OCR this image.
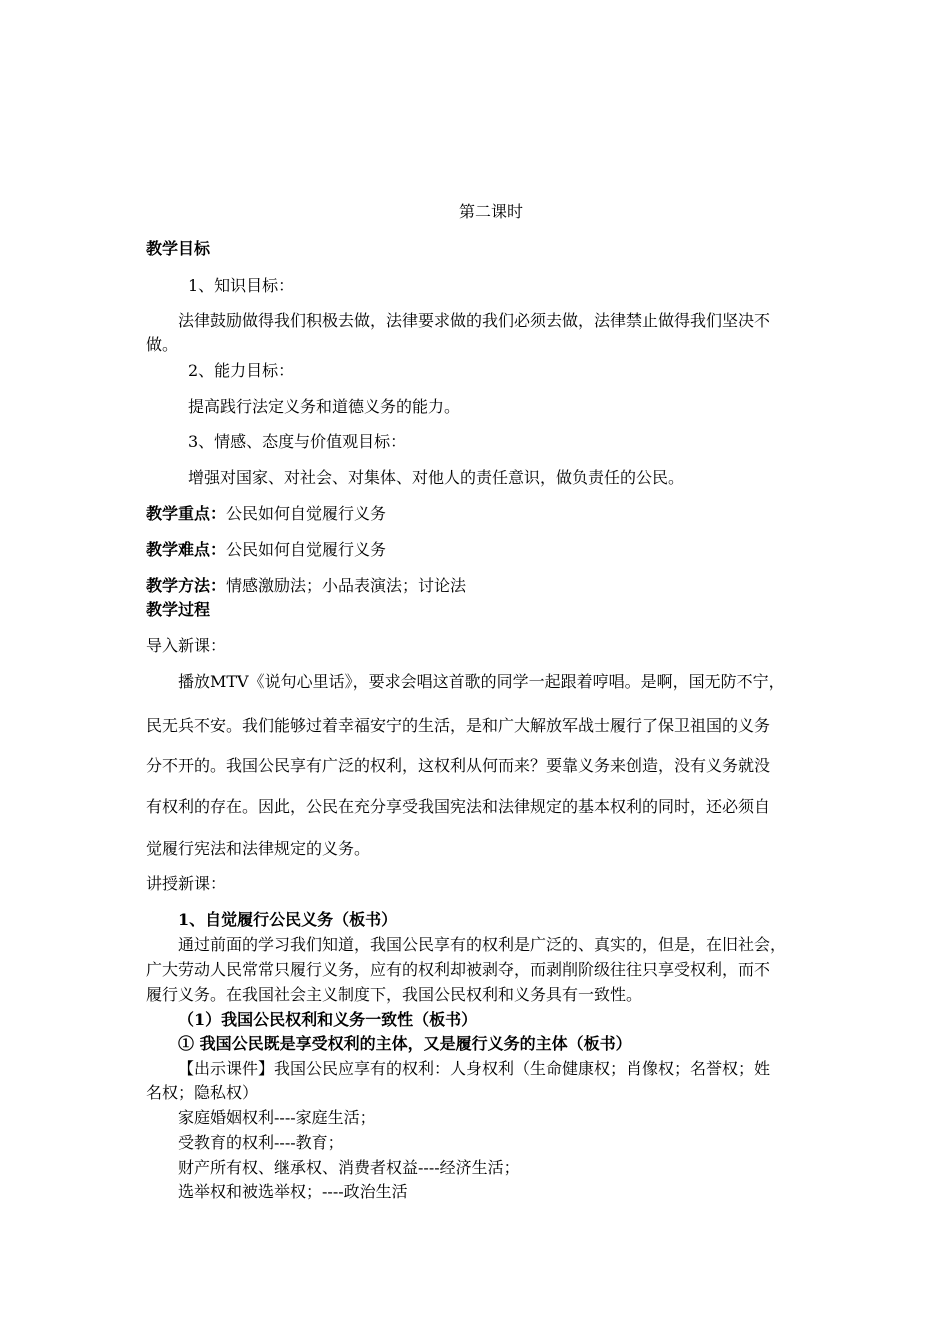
第二课时
教学目标
1、知识目标：
法律鼓励做得我们积极去做，法律要求做的我们必须去做，法律禁止做得我们坚决不
做。
2、能力目标：
提高践行法定义务和道德义务的能力。
3、情感、态度与价值观目标：
增强对国家、对社会、对集体、对他人的责任意识，做负责任的公民。
教学重点：公民如何自觉履行义务
教学难点：公民如何自觉履行义务
教学方法：情感激励法；小品表演法；讨论法
教学过程
导入新课：
播放MTV《说句心里话》，要求会唱这首歌的同学一起跟着哼唱。是啊，国无防不宁，
民无兵不安。我们能够过着幸福安宁的生活，是和广大解放军战士履行了保卫祖国的义务
分不开的。我国公民享有广泛的权利，这权利从何而来？要靠义务来创造，没有义务就没
有权利的存在。因此，公民在充分享受我国宪法和法律规定的基本权利的同时，还必须自
觉履行宪法和法律规定的义务。
讲授新课：
1、自觉履行公民义务（板书）
通过前面的学习我们知道，我国公民享有的权利是广泛的、真实的，但是，在旧社会，
广大劳动人民常常只履行义务，应有的权利却被剥夺，而剥削阶级往往只享受权利，而不
履行义务。在我国社会主义制度下，我国公民权利和义务具有一致性。
（1）我国公民权利和义务一致性（板书）
① 我国公民既是享受权利的主体，又是履行义务的主体（板书）
【出示课件】我国公民应享有的权利：人身权利（生命健康权；肖像权；名誉权；姓
名权；隐私权）
家庭婚姻权利----家庭生活；
受教育的权利----教育；
财产所有权、继承权、消费者权益----经济生活；
选举权和被选举权；----政治生活
